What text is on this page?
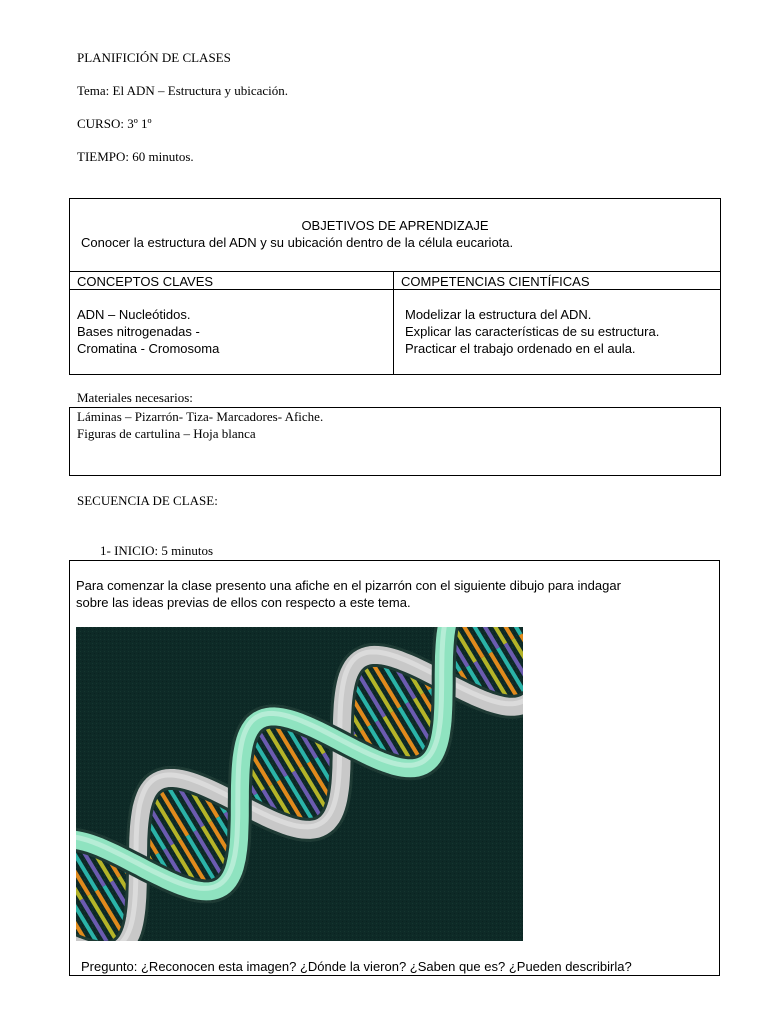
PLANIFICIÓN DE CLASES
Tema: El ADN – Estructura y ubicación.
CURSO: 3º 1º
TIEMPO: 60 minutos.
OBJETIVOS DE APRENDIZAJE
Conocer la estructura del ADN y su ubicación dentro de la célula eucariota.
CONCEPTOS CLAVES	COMPETENCIAS CIENTÍFICAS
ADN – Nucleótidos.
Bases nitrogenadas -
Cromatina - Cromosoma
Modelizar la estructura del ADN.
Explicar las características de su estructura.
Practicar el trabajo ordenado en el aula.
Materiales necesarios:
Láminas – Pizarrón- Tiza- Marcadores- Afiche.
Figuras de cartulina – Hoja blanca
SECUENCIA DE CLASE:
1- INICIO: 5 minutos
Para comenzar la clase presento una afiche en el pizarrón con el siguiente dibujo para indagar
sobre las ideas previas de ellos con respecto a este tema.
Pregunto: ¿Reconocen esta imagen? ¿Dónde la vieron? ¿Saben que es? ¿Pueden describirla?
